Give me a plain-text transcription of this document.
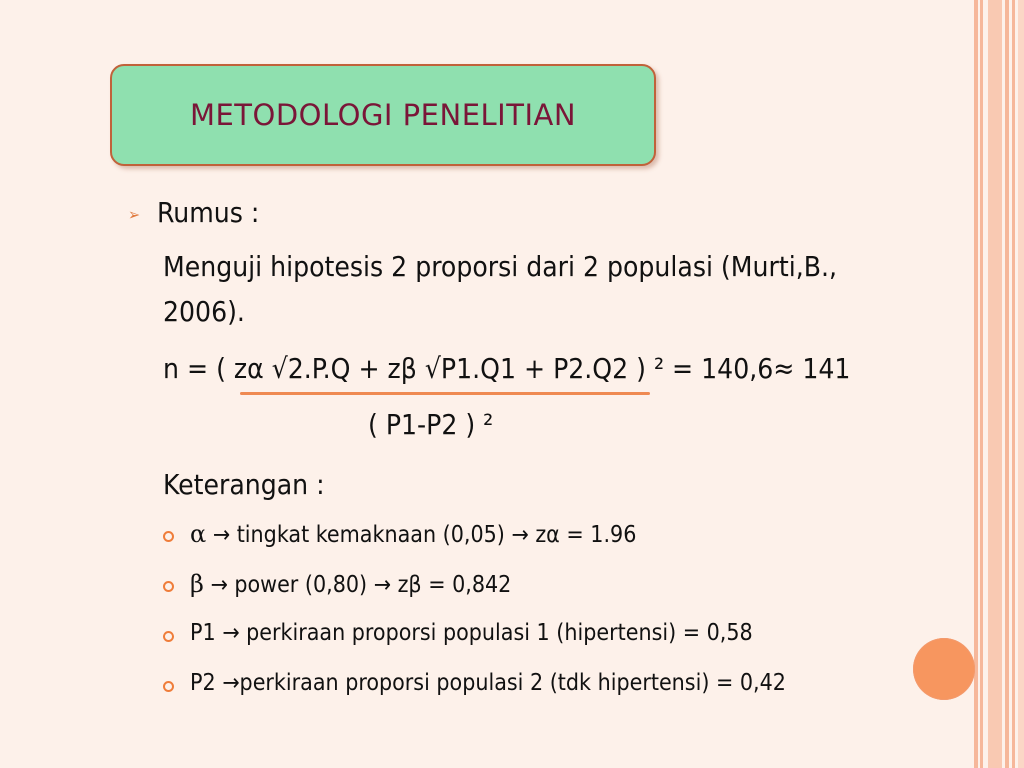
METODOLOGI PENELITIAN
➢ Rumus :
Menguji hipotesis 2 proporsi dari 2 populasi (Murti,B.,
2006).
n = ( zα √2.P.Q + zβ √P1.Q1 + P2.Q2 ) ² = 140,6≈ 141
( P1-P2 ) ²
Keterangan :
α → tingkat kemaknaan (0,05) → zα = 1.96
β → power (0,80) → zβ = 0,842
P1 → perkiraan proporsi populasi 1 (hipertensi) = 0,58
P2 →perkiraan proporsi populasi 2 (tdk hipertensi) = 0,42
